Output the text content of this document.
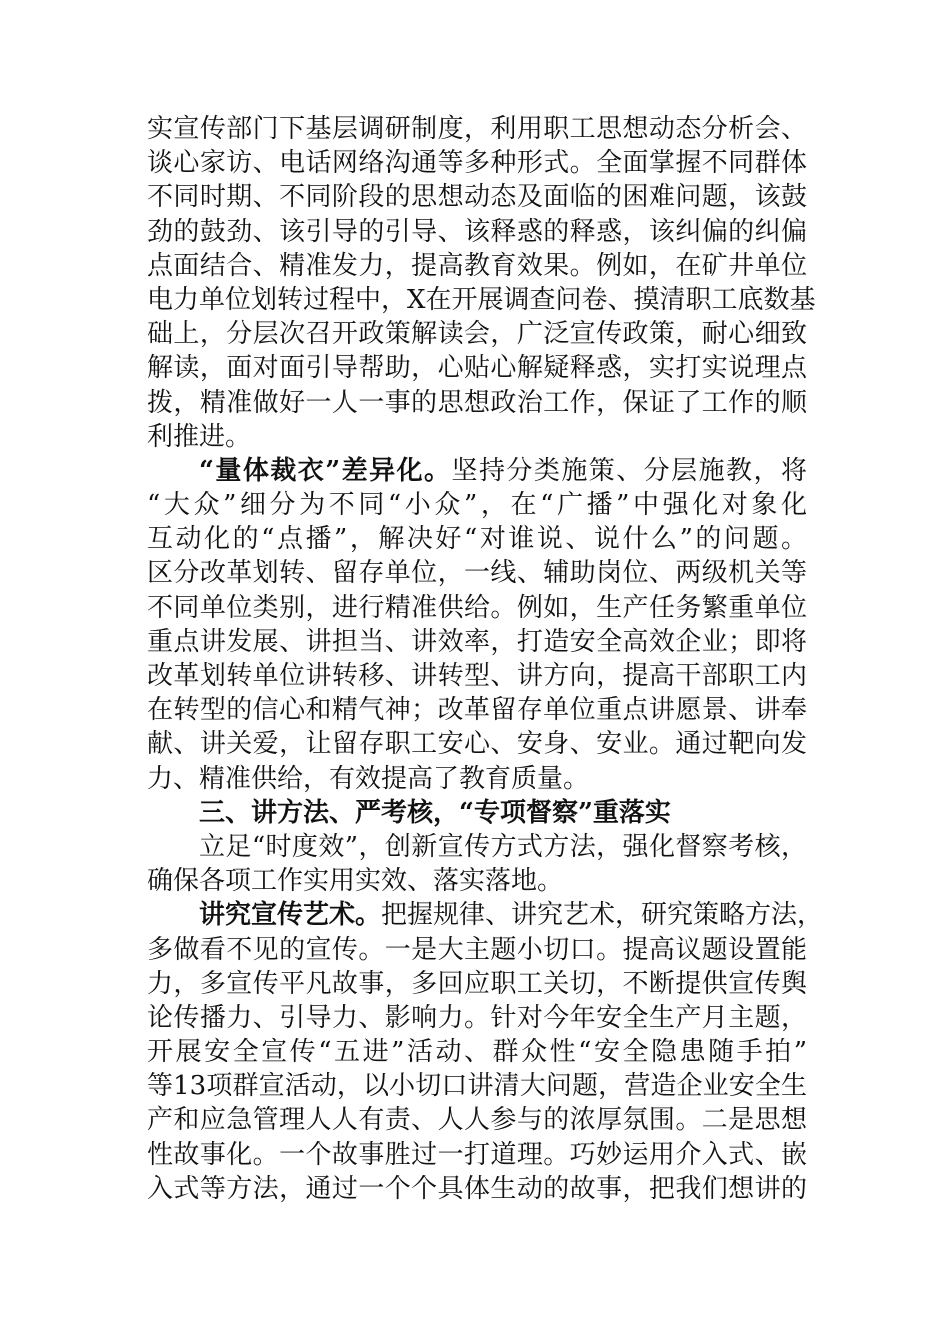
实宣传部门下基层调研制度，利用职工思想动态分析会、
谈心家访、电话网络沟通等多种形式。全面掌握不同群体
不同时期、不同阶段的思想动态及面临的困难问题，该鼓
劲的鼓劲、该引导的引导、该释惑的释惑，该纠偏的纠偏
点面结合、精准发力，提高教育效果。例如，在矿井单位
电力单位划转过程中，X在开展调查问卷、摸清职工底数基
础上，分层次召开政策解读会，广泛宣传政策，耐心细致
解读，面对面引导帮助，心贴心解疑释惑，实打实说理点
拨，精准做好一人一事的思想政治工作，保证了工作的顺
利推进。
“量体裁衣”差异化。坚持分类施策、分层施教，将
“大众”细分为不同“小众”，在“广播”中强化对象化
互动化的“点播”，解决好“对谁说、说什么”的问题。
区分改革划转、留存单位，一线、辅助岗位、两级机关等
不同单位类别，进行精准供给。例如，生产任务繁重单位
重点讲发展、讲担当、讲效率，打造安全高效企业；即将
改革划转单位讲转移、讲转型、讲方向，提高干部职工内
在转型的信心和精气神；改革留存单位重点讲愿景、讲奉
献、讲关爱，让留存职工安心、安身、安业。通过靶向发
力、精准供给，有效提高了教育质量。
三、讲方法、严考核，“专项督察”重落实
立足“时度效”，创新宣传方式方法，强化督察考核，
确保各项工作实用实效、落实落地。
讲究宣传艺术。把握规律、讲究艺术，研究策略方法，
多做看不见的宣传。一是大主题小切口。提高议题设置能
力，多宣传平凡故事，多回应职工关切，不断提供宣传舆
论传播力、引导力、影响力。针对今年安全生产月主题，
开展安全宣传“五进”活动、群众性“安全隐患随手拍”
等13项群宣活动，以小切口讲清大问题，营造企业安全生
产和应急管理人人有责、人人参与的浓厚氛围。二是思想
性故事化。一个故事胜过一打道理。巧妙运用介入式、嵌
入式等方法，通过一个个具体生动的故事，把我们想讲的
